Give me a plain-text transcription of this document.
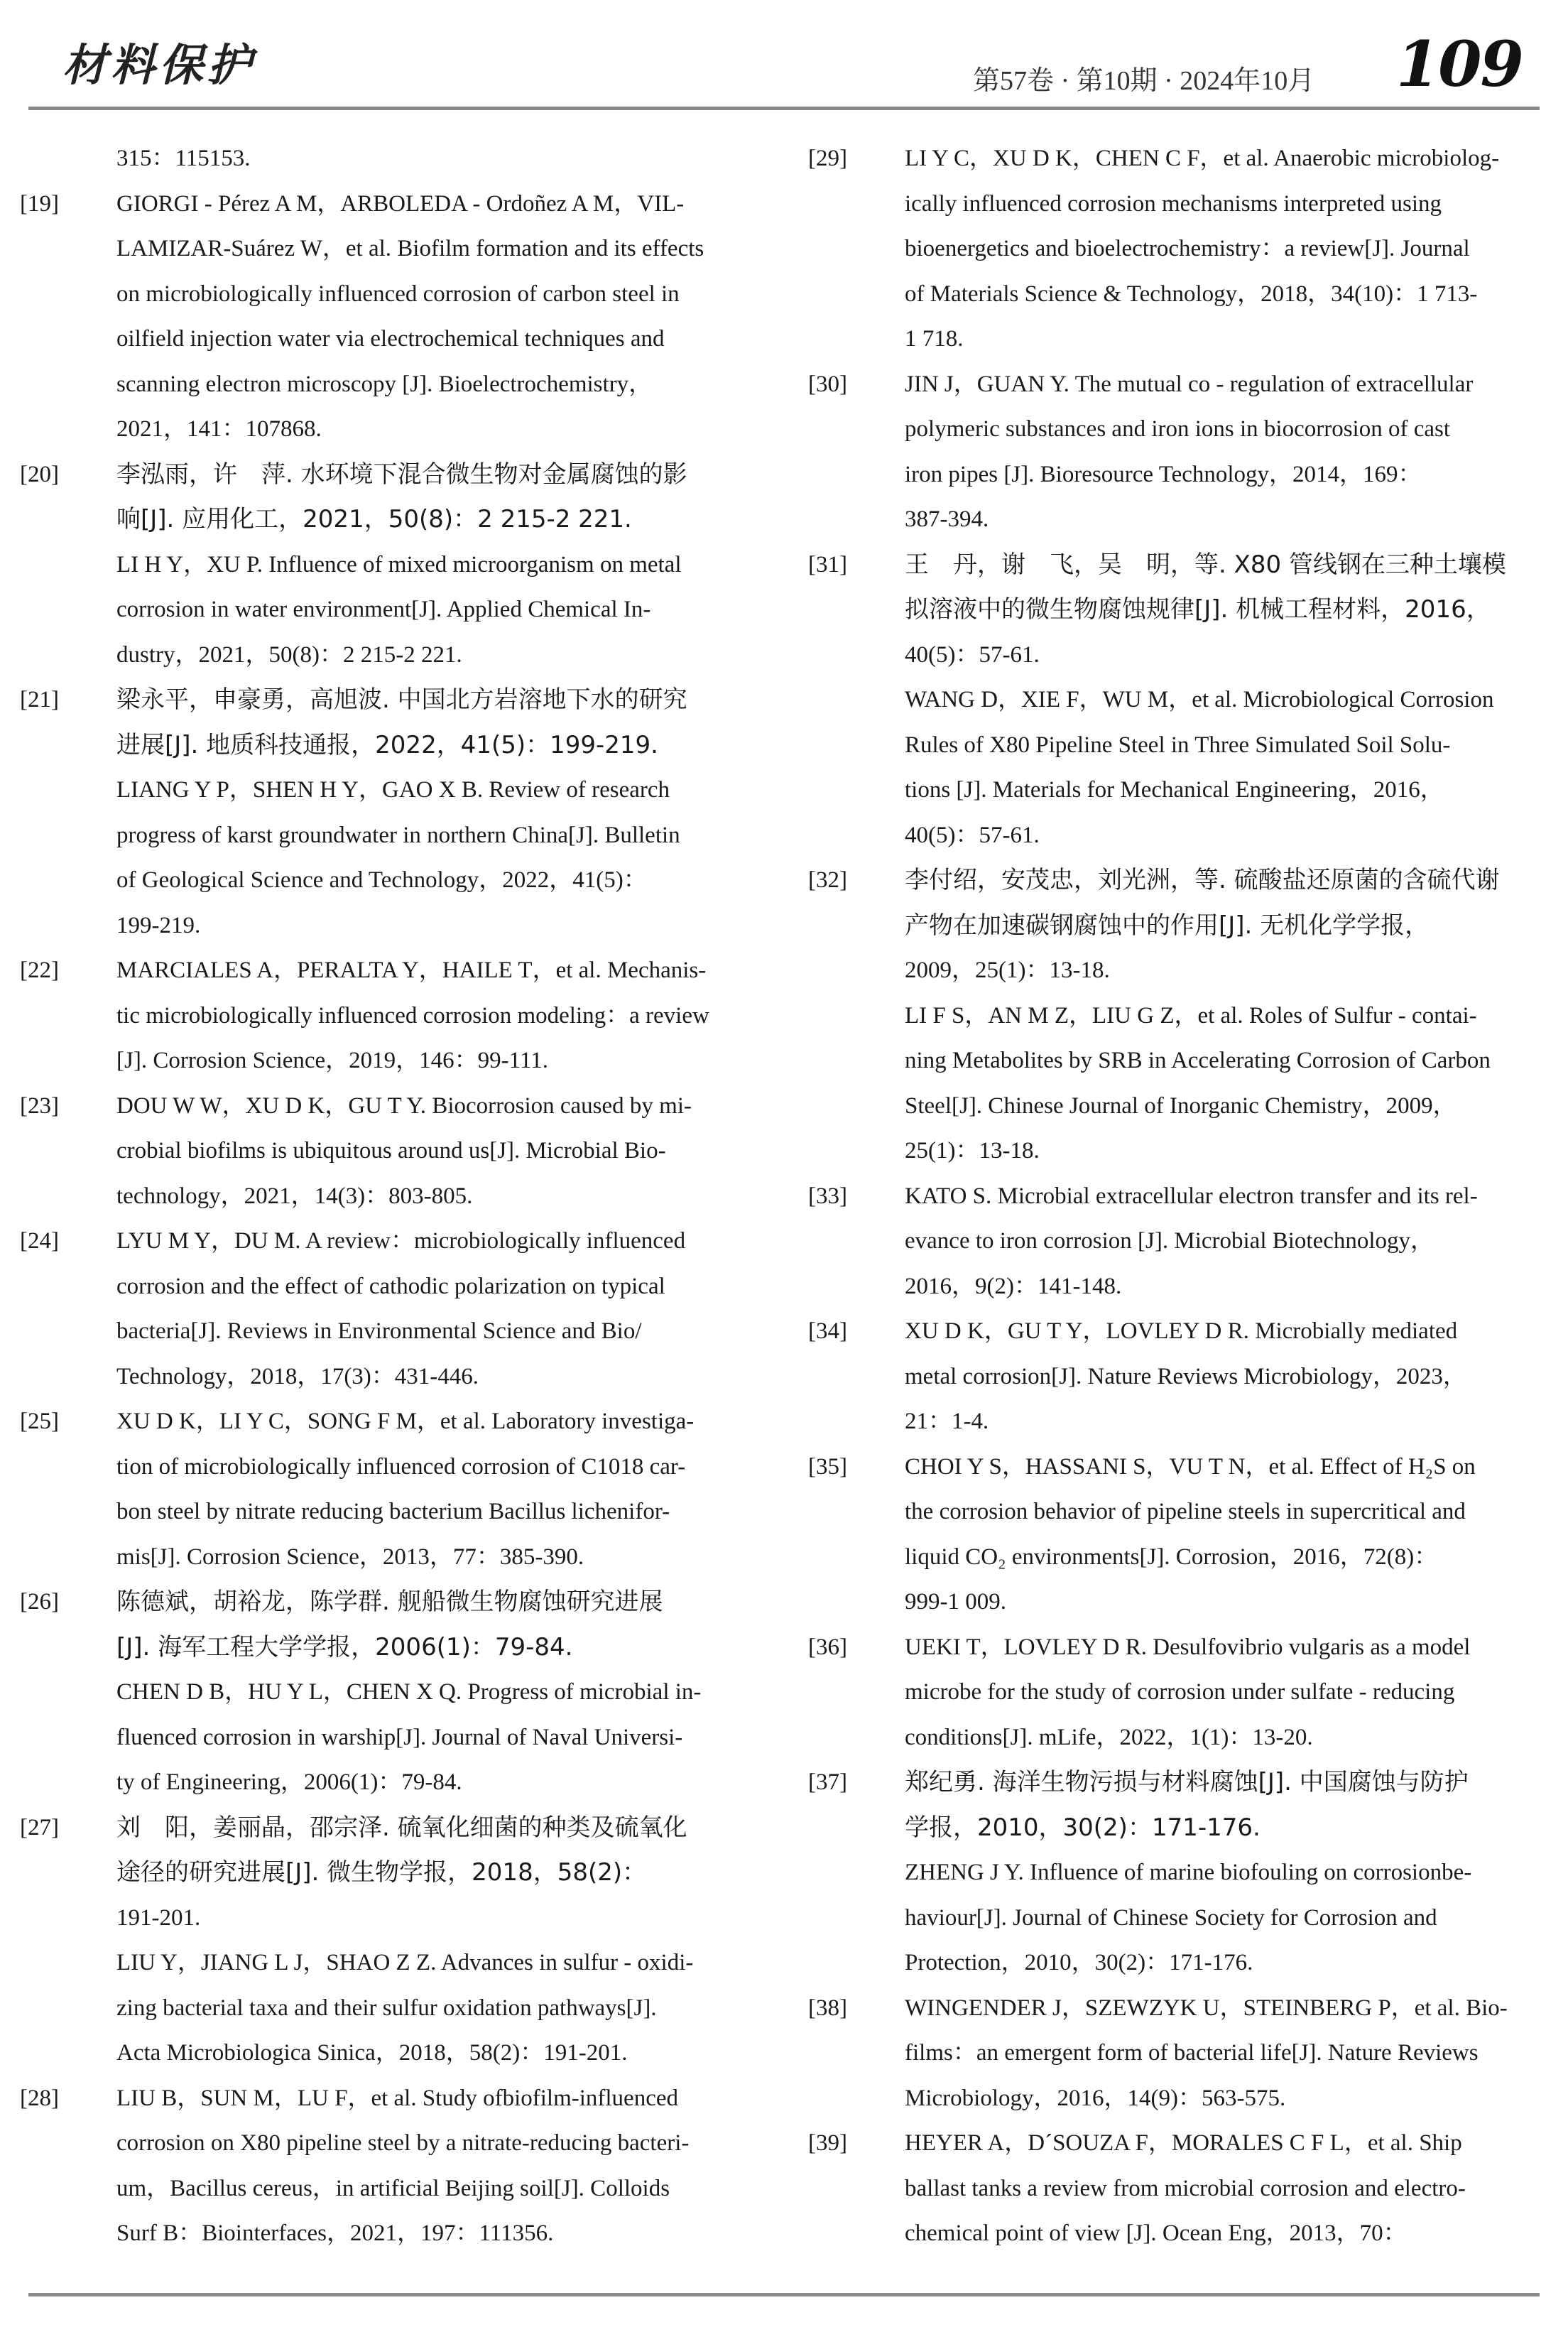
材料保护	第57卷 · 第10期 · 2024年10月 109
315：115153.
[19]	GIORGI - Pérez A M，ARBOLEDA - Ordoñez A M，VIL-
LAMIZAR-Suárez W，et al. Biofilm formation and its effects
on microbiologically influenced corrosion of carbon steel in
oilfield injection water via electrochemical techniques and
scanning electron microscopy [J]. Bioelectrochemistry，
2021，141：107868.
[20]	李泓雨，许　萍. 水环境下混合微生物对金属腐蚀的影
响[J]. 应用化工，2021，50(8)：2 215-2 221.
LI H Y，XU P. Influence of mixed microorganism on metal
corrosion in water environment[J]. Applied Chemical In-
dustry，2021，50(8)：2 215-2 221.
[21]	梁永平，申豪勇，高旭波. 中国北方岩溶地下水的研究
进展[J]. 地质科技通报，2022，41(5)：199-219.
LIANG Y P，SHEN H Y，GAO X B. Review of research
progress of karst groundwater in northern China[J]. Bulletin
of Geological Science and Technology，2022，41(5)：
199-219.
[22]	MARCIALES A，PERALTA Y，HAILE T，et al. Mechanis-
tic microbiologically influenced corrosion modeling：a review
[J]. Corrosion Science，2019，146：99-111.
[23]	DOU W W，XU D K，GU T Y. Biocorrosion caused by mi-
crobial biofilms is ubiquitous around us[J]. Microbial Bio-
technology，2021，14(3)：803-805.
[24]	LYU M Y，DU M. A review：microbiologically influenced
corrosion and the effect of cathodic polarization on typical
bacteria[J]. Reviews in Environmental Science and Bio/
Technology，2018，17(3)：431-446.
[25]	XU D K，LI Y C，SONG F M，et al. Laboratory investiga-
tion of microbiologically influenced corrosion of C1018 car-
bon steel by nitrate reducing bacterium Bacillus lichenifor-
mis[J]. Corrosion Science，2013，77：385-390.
[26]	陈德斌，胡裕龙，陈学群. 舰船微生物腐蚀研究进展
[J]. 海军工程大学学报，2006(1)：79-84.
CHEN D B，HU Y L，CHEN X Q. Progress of microbial in-
fluenced corrosion in warship[J]. Journal of Naval Universi-
ty of Engineering，2006(1)：79-84.
[27]	刘　阳，姜丽晶，邵宗泽. 硫氧化细菌的种类及硫氧化
途径的研究进展[J]. 微生物学报，2018，58(2)：
191-201.
LIU Y，JIANG L J，SHAO Z Z. Advances in sulfur - oxidi-
zing bacterial taxa and their sulfur oxidation pathways[J].
Acta Microbiologica Sinica，2018，58(2)：191-201.
[28]	LIU B，SUN M，LU F，et al. Study ofbiofilm-influenced
corrosion on X80 pipeline steel by a nitrate-reducing bacteri-
um，Bacillus cereus，in artificial Beijing soil[J]. Colloids
Surf B：Biointerfaces，2021，197：111356.
[29]	LI Y C，XU D K，CHEN C F，et al. Anaerobic microbiolog-
ically influenced corrosion mechanisms interpreted using
bioenergetics and bioelectrochemistry：a review[J]. Journal
of Materials Science & Technology，2018，34(10)：1 713-
1 718.
[30]	JIN J，GUAN Y. The mutual co - regulation of extracellular
polymeric substances and iron ions in biocorrosion of cast
iron pipes [J]. Bioresource Technology，2014，169：
387-394.
[31]	王　丹，谢　飞，吴　明，等. X80 管线钢在三种土壤模
拟溶液中的微生物腐蚀规律[J]. 机械工程材料，2016，
40(5)：57-61.
WANG D，XIE F，WU M，et al. Microbiological Corrosion
Rules of X80 Pipeline Steel in Three Simulated Soil Solu-
tions [J]. Materials for Mechanical Engineering，2016，
40(5)：57-61.
[32]	李付绍，安茂忠，刘光洲，等. 硫酸盐还原菌的含硫代谢
产物在加速碳钢腐蚀中的作用[J]. 无机化学学报，
2009，25(1)：13-18.
LI F S，AN M Z，LIU G Z，et al. Roles of Sulfur - contai-
ning Metabolites by SRB in Accelerating Corrosion of Carbon
Steel[J]. Chinese Journal of Inorganic Chemistry，2009，
25(1)：13-18.
[33]	KATO S. Microbial extracellular electron transfer and its rel-
evance to iron corrosion [J]. Microbial Biotechnology，
2016，9(2)：141-148.
[34]	XU D K，GU T Y，LOVLEY D R. Microbially mediated
metal corrosion[J]. Nature Reviews Microbiology，2023，
21：1-4.
[35]	CHOI Y S，HASSANI S，VU T N，et al. Effect of H₂S on
the corrosion behavior of pipeline steels in supercritical and
liquid CO₂ environments[J]. Corrosion，2016，72(8)：
999-1 009.
[36]	UEKI T，LOVLEY D R. Desulfovibrio vulgaris as a model
microbe for the study of corrosion under sulfate - reducing
conditions[J]. mLife，2022，1(1)：13-20.
[37]	郑纪勇. 海洋生物污损与材料腐蚀[J]. 中国腐蚀与防护
学报，2010，30(2)：171-176.
ZHENG J Y. Influence of marine biofouling on corrosionbe-
haviour[J]. Journal of Chinese Society for Corrosion and
Protection，2010，30(2)：171-176.
[38]	WINGENDER J，SZEWZYK U，STEINBERG P，et al. Bio-
films：an emergent form of bacterial life[J]. Nature Reviews
Microbiology，2016，14(9)：563-575.
[39]	HEYER A，D´SOUZA F，MORALES C F L，et al. Ship
ballast tanks a review from microbial corrosion and electro-
chemical point of view [J]. Ocean Eng，2013，70：
